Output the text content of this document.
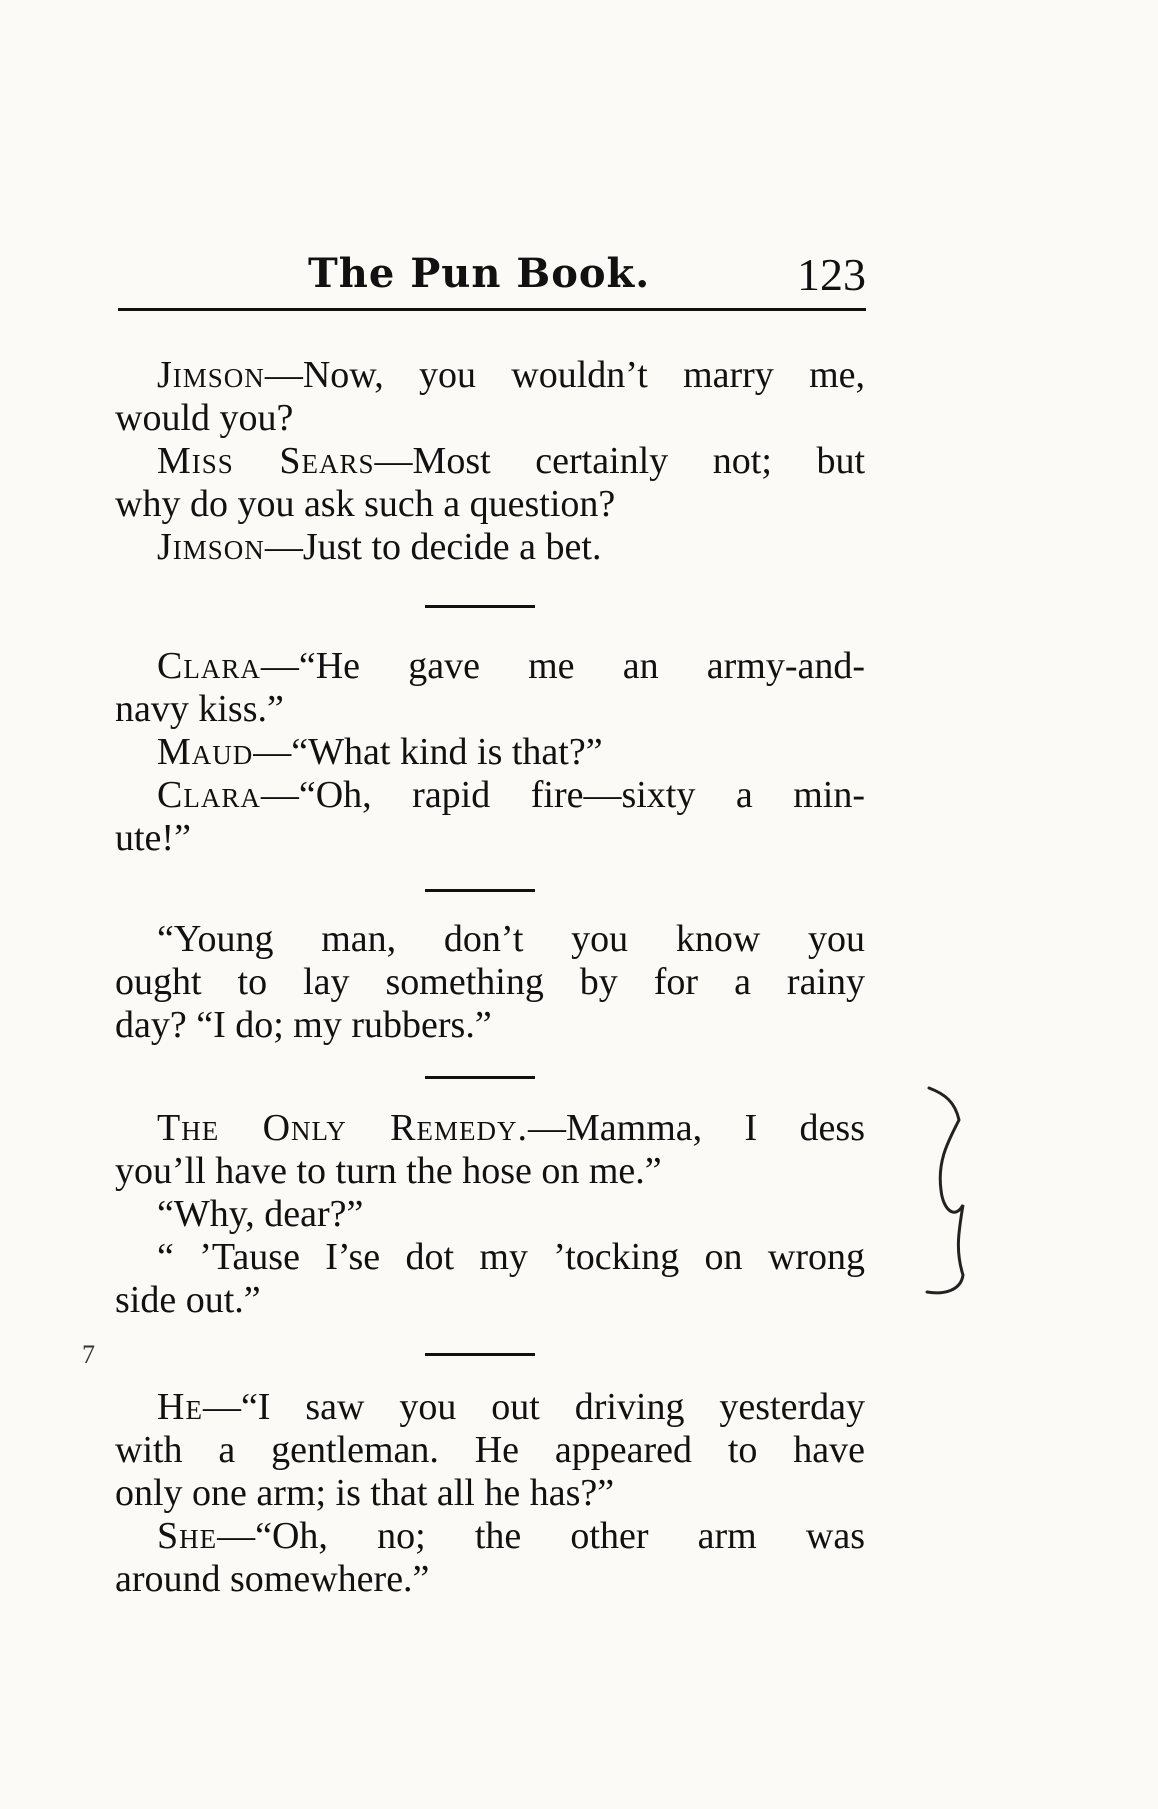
The Pun Book.	123
Jimson—Now, you wouldn’t marry me,
would you?
Miss Sears—Most certainly not; but
why do you ask such a question?
Jimson—Just to decide a bet.
Clara—“He gave me an army-and-
navy kiss.”
Maud—“What kind is that?”
Clara—“Oh, rapid fire—sixty a min-
ute!”
“Young man, don’t you know you
ought to lay something by for a rainy
day? “I do; my rubbers.”
The Only Remedy.—Mamma, I dess
you’ll have to turn the hose on me.”
“Why, dear?”
“ ’Tause I’se dot my ’tocking on wrong
side out.”
He—“I saw you out driving yesterday
with a gentleman. He appeared to have
only one arm; is that all he has?”
She—“Oh, no; the other arm was
around somewhere.”
7
